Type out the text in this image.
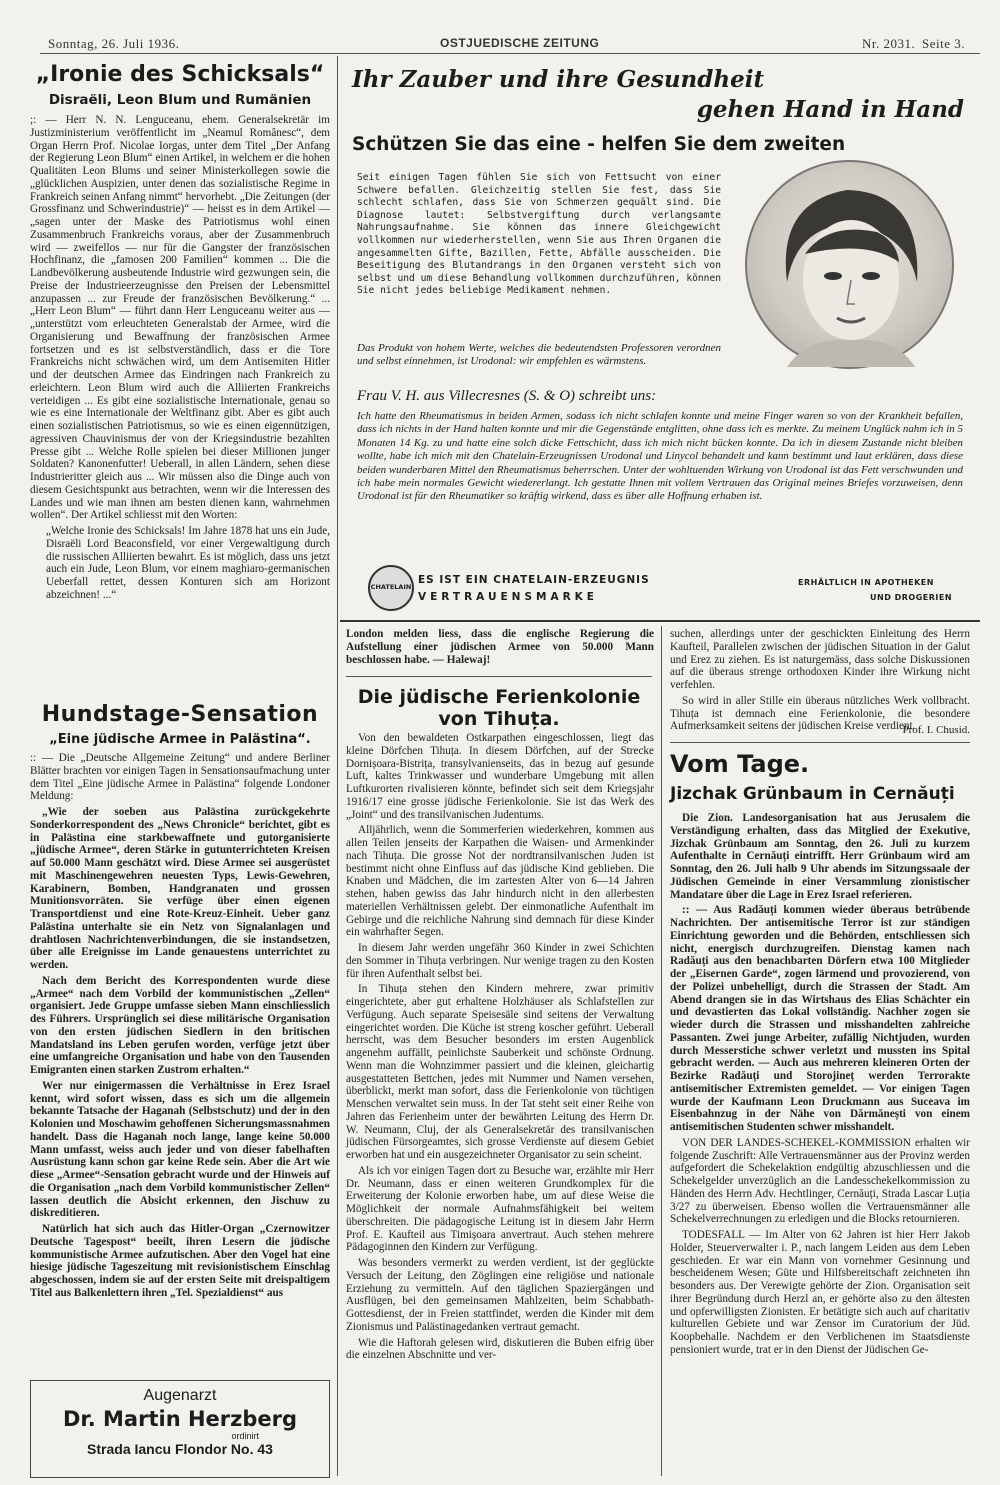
Sonntag, 26. Juli 1936.	OSTJUEDISCHE ZEITUNG	Nr. 2031. Seite 3.
„Ironie des Schicksals“
Disraëli, Leon Blum und Rumänien

;: — Herr N. N. Lenguceanu, ehem. Generalsekretär im Justizministerium veröffentlicht im „Neamul Românesc“, dem Organ Herrn Prof. Nicolae Iorgas, unter dem Titel „Der Anfang der Regierung Leon Blum“ einen Artikel, in welchem er die hohen Qualitäten Leon Blums und seiner Ministerkollegen sowie die „glücklichen Auspizien, unter denen das sozialistische Regime in Frankreich seinen Anfang nimmt“ hervorhebt. „Die Zeitungen (der Grossfinanz und Schwerindustrie)“ — heisst es in dem Artikel — „sagen unter der Maske des Patriotismus wohl einen Zusammenbruch Frankreichs voraus, aber der Zusammenbruch wird — zweifellos — nur für die Gangster der französischen Hochfinanz, die „famosen 200 Familien“ kommen ... Die die Landbevölkerung ausbeutende Industrie wird gezwungen sein, die Preise der Industrieerzeugnisse den Preisen der Lebensmittel anzupassen ... zur Freude der französischen Bevölkerung.“ ... „Herr Leon Blum“ — führt dann Herr Lenguceanu weiter aus — „unterstützt vom erleuchteten Generalstab der Armee, wird die Organisierung und Bewaffnung der französischen Armee fortsetzen und es ist selbstverständlich, dass er die Tore Frankreichs nicht schwächen wird, um dem Antisemiten Hitler und der deutschen Armee das Eindringen nach Frankreich zu erleichtern. Leon Blum wird auch die Alliierten Frankreichs verteidigen ... Es gibt eine sozialistische Internationale, genau so wie es eine Internationale der Weltfinanz gibt. Aber es gibt auch einen sozialistischen Patriotismus, so wie es einen eigennützigen, agressiven Chauvinismus der von der Kriegsindustrie bezahlten Presse gibt ... Welche Rolle spielen bei dieser Millionen junger Soldaten? Kanonenfutter! Ueberall, in allen Ländern, sehen diese Industrieritter gleich aus ... Wir müssen also die Dinge auch von diesem Gesichtspunkt aus betrachten, wenn wir die Interessen des Landes und wie man ihnen am besten dienen kann, wahrnehmen wollen“. Der Artikel schliesst mit den Worten:

„Welche Ironie des Schicksals! Im Jahre 1878 hat uns ein Jude, Disraëli Lord Beaconsfield, vor einer Vergewaltigung durch die russischen Alliierten bewahrt. Es ist möglich, dass uns jetzt auch ein Jude, Leon Blum, vor einem maghiaro-germanischen Ueberfall rettet, dessen Konturen sich am Horizont abzeichnen! ...“

Hundstage-Sensation
„Eine jüdische Armee in Palästina“.

:: — Die „Deutsche Allgemeine Zeitung“ und andere Berliner Blätter brachten vor einigen Tagen in Sensationsaufmachung unter dem Titel „Eine jüdische Armee in Palästina“ folgende Londoner Meldung:

„Wie der soeben aus Palästina zurückgekehrte Sonderkorrespondent des „News Chronicle“ berichtet, gibt es in Palästina eine starkbewaffnete und gutorganisierte „jüdische Armee“, deren Stärke in gutunterrichteten Kreisen auf 50.000 Mann geschätzt wird. Diese Armee sei ausgerüstet mit Maschinengewehren neuesten Typs, Lewis-Gewehren, Karabinern, Bomben, Handgranaten und grossen Munitionsvorräten. Sie verfüge über einen eigenen Transportdienst und eine Rote-Kreuz-Einheit. Ueber ganz Palästina unterhalte sie ein Netz von Signalanlagen und drahtlosen Nachrichtenverbindungen, die sie instandsetzen, über alle Ereignisse im Lande genauestens unterrichtet zu werden.

Nach dem Bericht des Korrespondenten wurde diese „Armee“ nach dem Vorbild der kommunistischen „Zellen“ organisiert. Jede Gruppe umfasse sieben Mann einschliesslich des Führers. Ursprünglich sei diese militärische Organisation von den ersten jüdischen Siedlern in den britischen Mandatsland ins Leben gerufen worden, verfüge jetzt über eine umfangreiche Organisation und habe von den Tausenden Emigranten einen starken Zustrom erhalten.“

Wer nur einigermassen die Verhältnisse in Erez Israel kennt, wird sofort wissen, dass es sich um die allgemein bekannte Tatsache der Haganah (Selbstschutz) und der in den Kolonien und Moschawim gehoffenen Sicherungsmassnahmen handelt. Dass die Haganah noch lange, lange keine 50.000 Mann umfasst, weiss auch jeder und von dieser fabelhaften Ausrüstung kann schon gar keine Rede sein. Aber die Art wie diese „Armee“-Sensation gebracht wurde und der Hinweis auf die Organisation „nach dem Vorbild kommunistischer Zellen“ lassen deutlich die Absicht erkennen, den Jischuw zu diskreditieren.

Natürlich hat sich auch das Hitler-Organ „Czernowitzer Deutsche Tagespost“ beeilt, ihren Lesern die jüdische kommunistische Armee aufzutischen. Aber den Vogel hat eine hiesige jüdische Tageszeitung mit revisionistischem Einschlag abgeschossen, indem sie auf der ersten Seite mit dreispaltigem Titel aus Balkenlettern ihren „Tel. Spezialdienst“ aus

Augenarzt
Dr. Martin Herzberg
ordinirt
Strada Iancu Flondor No. 43
Ihr Zauber und ihre Gesundheit
gehen Hand in Hand
Schützen Sie das eine - helfen Sie dem zweiten
Seit einigen Tagen fühlen Sie sich von Fettsucht von einer Schwere befallen. Gleichzeitig stellen Sie fest, dass Sie schlecht schlafen, dass Sie von Schmerzen gequält sind. Die Diagnose lautet: Selbstvergiftung durch verlangsamte Nahrungsaufnahme. Sie können das innere Gleichgewicht vollkommen nur wiederherstellen, wenn Sie aus Ihren Organen die angesammelten Gifte, Bazillen, Fette, Abfälle ausscheiden. Die Beseitigung des Blutandrangs in den Organen versteht sich von selbst und um diese Behandlung vollkommen durchzuführen, können Sie nicht jedes beliebige Medikament nehmen.
Das Produkt von hohem Werte, welches die bedeutendsten Professoren verordnen und selbst einnehmen, ist Urodonal: wir empfehlen es wärmstens.
Frau V. H. aus Villecresnes (S. & O) schreibt uns:
Ich hatte den Rheumatismus in beiden Armen, sodass ich nicht schlafen konnte und meine Finger waren so von der Krankheit befallen, dass ich nichts in der Hand halten konnte und mir die Gegenstände entglitten, ohne dass ich es merkte. Zu meinem Unglück nahm ich in 5 Monaten 14 Kg. zu und hatte eine solch dicke Fettschicht, dass ich mich nicht bücken konnte. Da ich in diesem Zustande nicht bleiben wollte, habe ich mich mit den Chatelain-Erzeugnissen Urodonal und Linycol behandelt und kann bestimmt und laut erklären, dass diese beiden wunderbaren Mittel den Rheumatismus beherrschen. Unter der wohltuenden Wirkung von Urodonal ist das Fett verschwunden und ich habe mein normales Gewicht wiedererlangt. Ich gestatte Ihnen mit vollem Vertrauen das Original meines Briefes vorzuweisen, denn Urodonal ist für den Rheumatiker so kräftig wirkend, dass es über alle Hoffnung erhaben ist.
CHATELAIN
ES IST EIN CHATELAIN-ERZEUGNIS
VERTRAUENSMARKE
ERHÄLTLICH IN APOTHEKEN
UND DROGERIEN
London melden liess, dass die englische Regierung die Aufstellung einer jüdischen Armee von 50.000 Mann beschlossen habe. — Halewaj!
Die jüdische Ferienkolonie von Tihuța.

Von den bewaldeten Ostkarpathen eingeschlossen, liegt das kleine Dörfchen Tihuța. In diesem Dörfchen, auf der Strecke Dornișoara-Bistrița, transylvanienseits, das in bezug auf gesunde Luft, kaltes Trinkwasser und wunderbare Umgebung mit allen Luftkurorten rivalisieren könnte, befindet sich seit dem Kriegsjahr 1916/17 eine grosse jüdische Ferienkolonie. Sie ist das Werk des „Joint“ und des transilvanischen Judentums.

Alljährlich, wenn die Sommerferien wiederkehren, kommen aus allen Teilen jenseits der Karpathen die Waisen- und Armenkinder nach Tihuța. Die grosse Not der nordtransilvanischen Juden ist bestimmt nicht ohne Einfluss auf das jüdische Kind geblieben. Die Knaben und Mädchen, die im zartesten Alter von 6—14 Jahren stehen, haben gewiss das Jahr hindurch nicht in den allerbesten materiellen Verhältnissen gelebt. Der einmonatliche Aufenthalt im Gebirge und die reichliche Nahrung sind demnach für diese Kinder ein wahrhafter Segen.

In diesem Jahr werden ungefähr 360 Kinder in zwei Schichten den Sommer in Tihuța verbringen. Nur wenige tragen zu den Kosten für ihren Aufenthalt selbst bei.

In Tihuța stehen den Kindern mehrere, zwar primitiv eingerichtete, aber gut erhaltene Holzhäuser als Schlafstellen zur Verfügung. Auch separate Speisesäle sind seitens der Verwaltung eingerichtet worden. Die Küche ist streng koscher geführt. Ueberall herrscht, was dem Besucher besonders im ersten Augenblick angenehm auffällt, peinlichste Sauberkeit und schönste Ordnung. Wenn man die Wohnzimmer passiert und die kleinen, gleichartig ausgestatteten Bettchen, jedes mit Nummer und Namen versehen, überblickt, merkt man sofort, dass die Ferienkolonie von tüchtigen Menschen verwaltet sein muss. In der Tat steht seit einer Reihe von Jahren das Ferienheim unter der bewährten Leitung des Herrn Dr. W. Neumann, Cluj, der als Generalsekretär des transilvanischen jüdischen Fürsorgeamtes, sich grosse Verdienste auf diesem Gebiet erworben hat und ein ausgezeichneter Organisator zu sein scheint.

Als ich vor einigen Tagen dort zu Besuche war, erzählte mir Herr Dr. Neumann, dass er einen weiteren Grundkomplex für die Erweiterung der Kolonie erworben habe, um auf diese Weise die Möglichkeit der normale Aufnahmsfähigkeit bei weitem überschreiten. Die pädagogische Leitung ist in diesem Jahr Herrn Prof. E. Kaufteil aus Timișoara anvertraut. Auch stehen mehrere Pädagoginnen den Kindern zur Verfügung.

Was besonders vermerkt zu werden verdient, ist der geglückte Versuch der Leitung, den Zöglingen eine religiöse und nationale Erziehung zu vermitteln. Auf den täglichen Spaziergängen und Ausflügen, bei den gemeinsamen Mahlzeiten, beim Schabbath-Gottesdienst, der in Freien stattfindet, werden die Kinder mit dem Zionismus und Palästinagedanken vertraut gemacht.

Wie die Haftorah gelesen wird, diskutieren die Buben eifrig über die einzelnen Abschnitte und ver-

suchen, allerdings unter der geschickten Einleitung des Herrn Kaufteil, Parallelen zwischen der jüdischen Situation in der Galut und Erez zu ziehen. Es ist naturgemäss, dass solche Diskussionen auf die überaus strenge orthodoxen Kinder ihre Wirkung nicht verfehlen.

So wird in aller Stille ein überaus nützliches Werk vollbracht. Tihuța ist demnach eine Ferienkolonie, die besondere Aufmerksamkeit seitens der jüdischen Kreise verdient.

Prof. I. Chusid.
Vom Tage.
Jizchak Grünbaum in Cernăuți

Die Zion. Landesorganisation hat aus Jerusalem die Verständigung erhalten, dass das Mitglied der Exekutive, Jizchak Grünbaum am Sonntag, den 26. Juli zu kurzem Aufenthalte in Cernăuți eintrifft. Herr Grünbaum wird am Sonntag, den 26. Juli halb 9 Uhr abends im Sitzungssaale der Jüdischen Gemeinde in einer Versammlung zionistischer Mandatare über die Lage in Erez Israel referieren.

:: — Aus Radăuți kommen wieder überaus betrübende Nachrichten. Der antisemitische Terror ist zur ständigen Einrichtung geworden und die Behörden, entschliessen sich nicht, energisch durchzugreifen. Dienstag kamen nach Radăuți aus den benachbarten Dörfern etwa 100 Mitglieder der „Eisernen Garde“, zogen lärmend und provozierend, von der Polizei unbehelligt, durch die Strassen der Stadt. Am Abend drangen sie in das Wirtshaus des Elias Schächter ein und devastierten das Lokal vollständig. Nachher zogen sie wieder durch die Strassen und misshandelten zahlreiche Passanten. Zwei junge Arbeiter, zufällig Nichtjuden, wurden durch Messerstiche schwer verletzt und mussten ins Spital gebracht werden. — Auch aus mehreren kleineren Orten der Bezirke Radăuți und Storojineț werden Terrorakte antisemitischer Extremisten gemeldet. — Vor einigen Tagen wurde der Kaufmann Leon Druckmann aus Suceava im Eisenbahnzug in der Nähe von Dărmănești von einem antisemitischen Studenten schwer misshandelt.

VON DER LANDES-SCHEKEL-KOMMISSION erhalten wir folgende Zuschrift: Alle Vertrauensmänner aus der Provinz werden aufgefordert die Schekelaktion endgültig abzuschliessen und die Schekelgelder unverzüglich an die Landesschekelkommission zu Händen des Herrn Adv. Hechtlinger, Cernăuți, Strada Lascar Luția 3/27 zu überweisen. Ebenso wollen die Vertrauensmänner alle Schekelverrechnungen zu erledigen und die Blocks retournieren.

TODESFALL — Im Alter von 62 Jahren ist hier Herr Jakob Holder, Steuerverwalter i. P., nach langem Leiden aus dem Leben geschieden. Er war ein Mann von vornehmer Gesinnung und bescheidenem Wesen; Güte und Hilfsbereitschaft zeichneten ihn besonders aus. Der Verewigte gehörte der Zion. Organisation seit ihrer Begründung durch Herzl an, er gehörte also zu den ältesten und opferwilligsten Zionisten. Er betätigte sich auch auf charitativ kulturellen Gebiete und war Zensor im Curatorium der Jüd. Koopbehalle. Nachdem er den Verblichenen im Staatsdienste pensioniert wurde, trat er in den Dienst der Jüdischen Ge-
